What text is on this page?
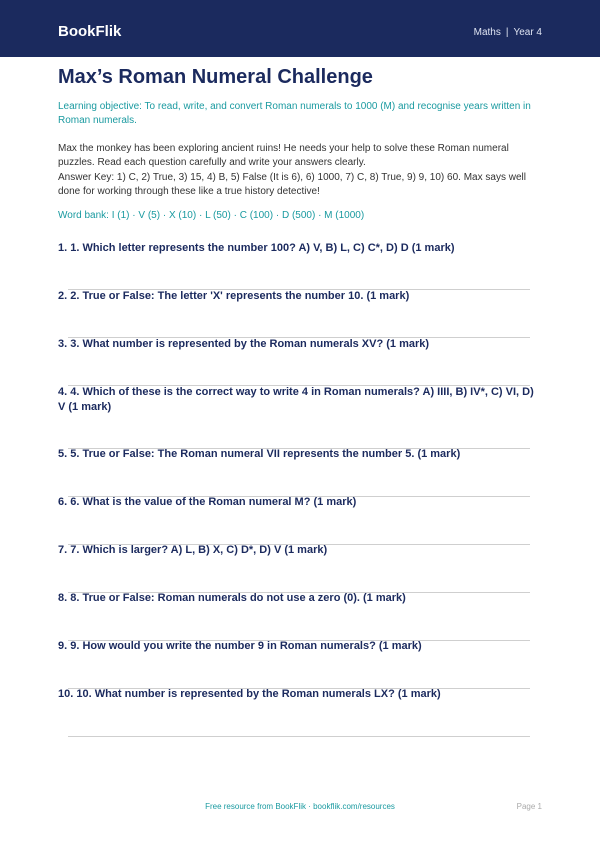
BookFlik	Maths | Year 4
Max’s Roman Numeral Challenge

Learning objective: To read, write, and convert Roman numerals to 1000 (M) and recognise years written in Roman numerals.

Max the monkey has been exploring ancient ruins! He needs your help to solve these Roman numeral puzzles. Read each question carefully and write your answers clearly.

Answer Key: 1) C, 2) True, 3) 15, 4) B, 5) False (It is 6), 6) 1000, 7) C, 8) True, 9) 9, 10) 60. Max says well done for working through these like a true history detective!

Word bank: I (1) · V (5) · X (10) · L (50) · C (100) · D (500) · M (1000)

1. 1. Which letter represents the number 100? A) V, B) L, C) C*, D) D (1 mark)

2. 2. True or False: The letter 'X' represents the number 10. (1 mark)

3. 3. What number is represented by the Roman numerals XV? (1 mark)

4. 4. Which of these is the correct way to write 4 in Roman numerals? A) IIII, B) IV*, C) VI, D) V (1 mark)

5. 5. True or False: The Roman numeral VII represents the number 5. (1 mark)

6. 6. What is the value of the Roman numeral M? (1 mark)

7. 7. Which is larger? A) L, B) X, C) D*, D) V (1 mark)

8. 8. True or False: Roman numerals do not use a zero (0). (1 mark)

9. 9. How would you write the number 9 in Roman numerals? (1 mark)

10. 10. What number is represented by the Roman numerals LX? (1 mark)

Free resource from BookFlik · bookflik.com/resources	Page 1
